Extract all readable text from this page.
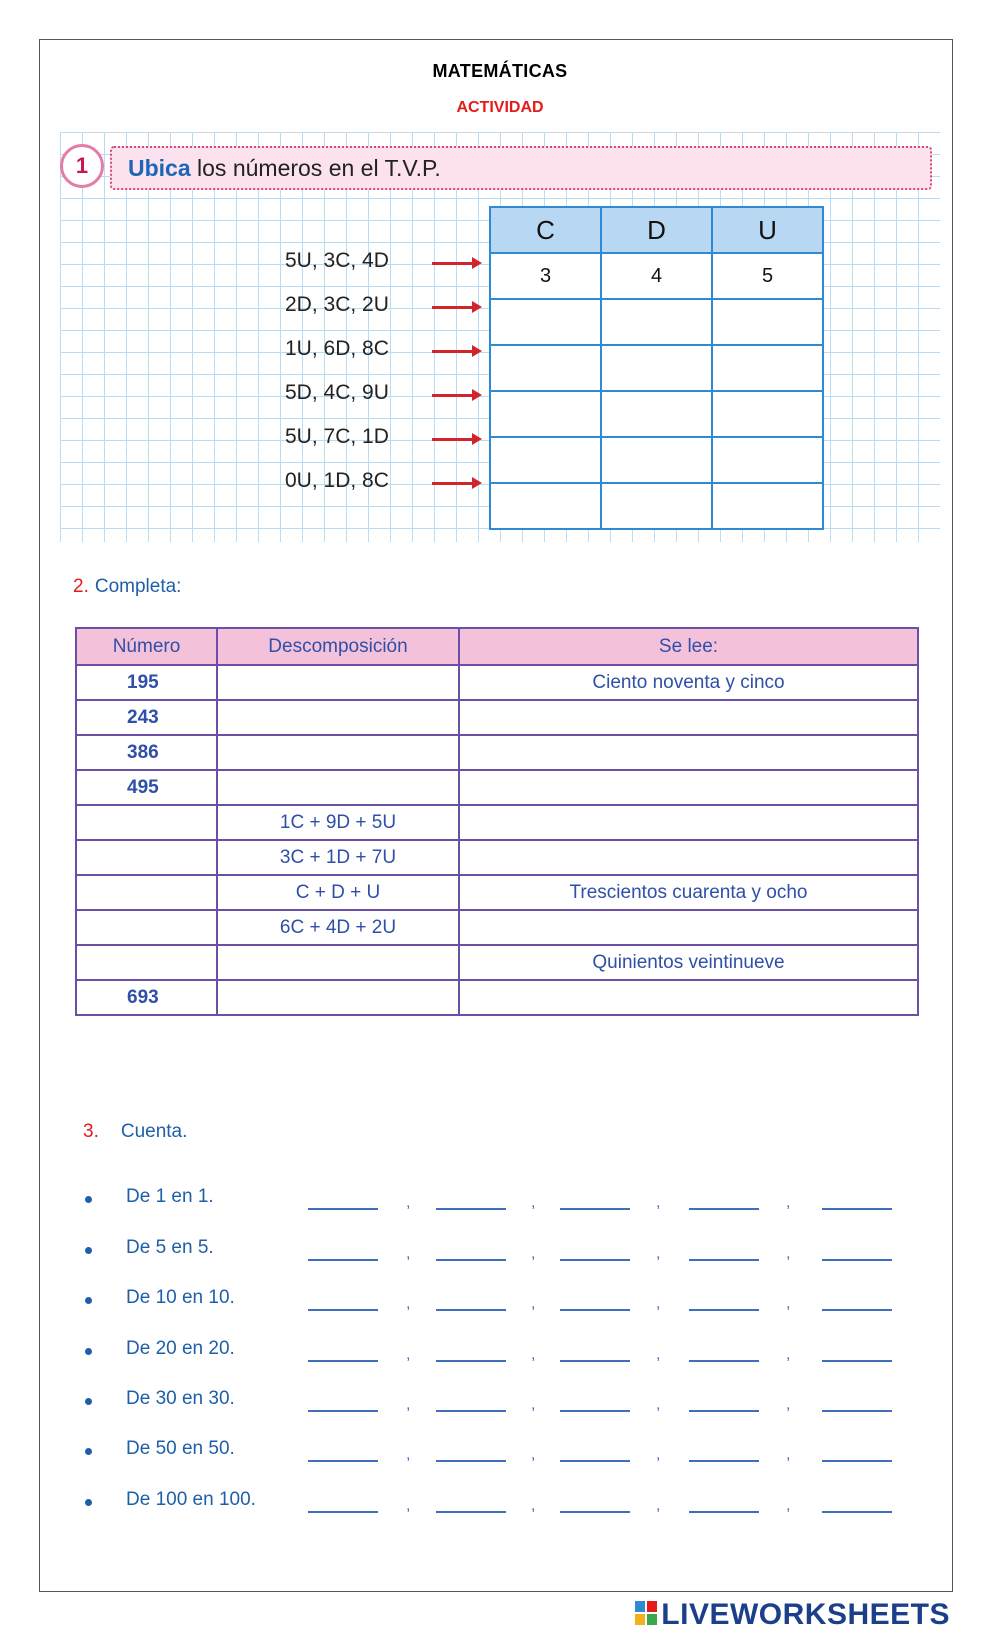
MATEMÁTICAS
ACTIVIDAD
1	Ubica los números en el T.V.P.
5U, 3C, 4D
2D, 3C, 2U
1U, 6D, 8C
5D, 4C, 9U
5U, 7C, 1D
0U, 1D, 8C
C	D	U
3	4	5

2. Completa:
Número	Descomposición	Se lee:
195		Ciento noventa y cinco
243		
386		
495		
	1C + 9D + 5U	
	3C + 1D + 7U	
	C + D + U	Trescientos cuarenta y ocho
	6C + 4D + 2U	
		Quinientos veintinueve
693		
3. Cuenta.
De 1 en 1.	,	,	,	,
De 5 en 5.	,	,	,	,
De 10 en 10.	,	,	,	,
De 20 en 20.	,	,	,	,
De 30 en 30.	,	,	,	,
De 50 en 50.	,	,	,	,
De 100 en 100.	,	,	,	,
LIVEWORKSHEETS
